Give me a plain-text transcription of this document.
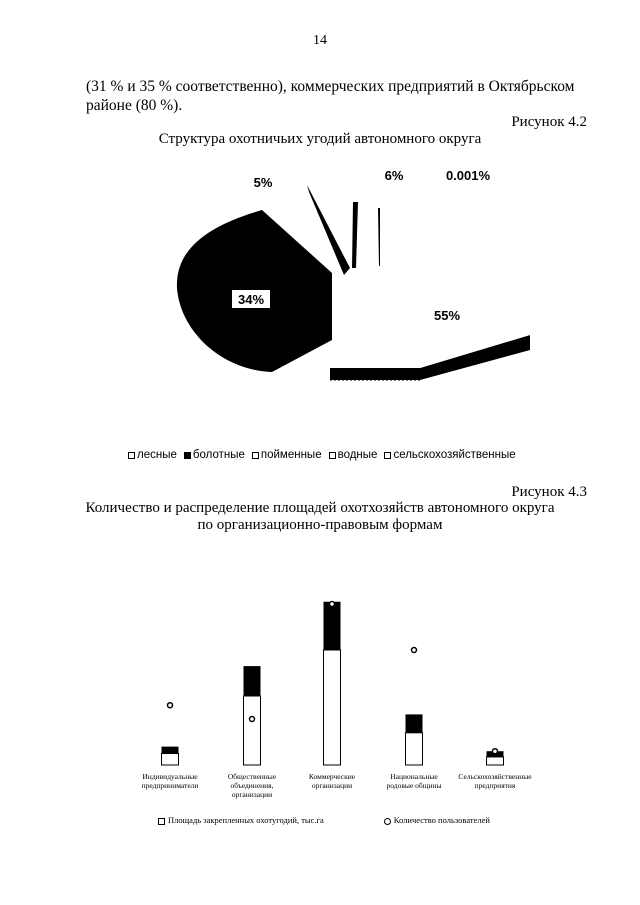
14
(31 % и 35 % соответственно), коммерческих предприятий в Октябрьском районе (80 %).
Рисунок 4.2
Структура охотничьих угодий автономного округа
34%
55%
5%	6%	0.001%
лесные болотные пойменные водные сельскохозяйственные
Рисунок 4.3
Количество и распределение площадей охотхозяйств автономного округа
по организационно-правовым формам
Индивидуальные предприниматели
Общественные объединения, организации
Коммерческие организации
Национальные родовые общины
Сельскохозяйственные предприятия
Площадь закрепленных охотугодий, тыс.га	Количество пользователей
